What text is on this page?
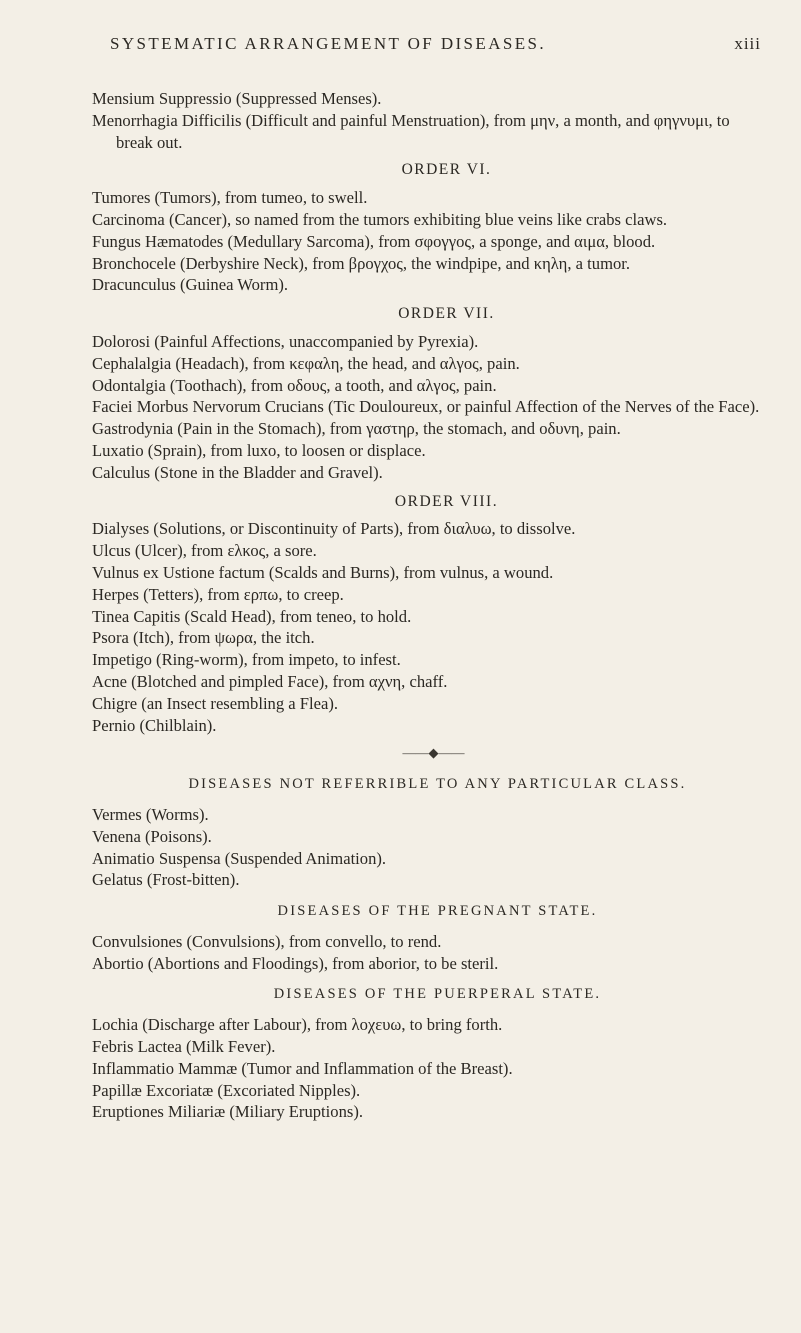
SYSTEMATIC ARRANGEMENT OF DISEASES.	xiii

Mensium Suppressio (Suppressed Menses).

Menorrhagia Difficilis (Difficult and painful Menstruation), from μην, a month, and φηγνυμι, to break out.

ORDER VI.

Tumores (Tumors), from tumeo, to swell.

Carcinoma (Cancer), so named from the tumors exhibiting blue veins like crabs claws.

Fungus Hæmatodes (Medullary Sarcoma), from σφογγος, a sponge, and αιμα, blood.

Bronchocele (Derbyshire Neck), from βρογχος, the windpipe, and κηλη, a tumor.

Dracunculus (Guinea Worm).

ORDER VII.

Dolorosi (Painful Affections, unaccompanied by Pyrexia).

Cephalalgia (Headach), from κεφαλη, the head, and αλγος, pain.

Odontalgia (Toothach), from οδους, a tooth, and αλγος, pain.

Faciei Morbus Nervorum Crucians (Tic Douloureux, or painful Affection of the Nerves of the Face).

Gastrodynia (Pain in the Stomach), from γαστηρ, the stomach, and οδυνη, pain.

Luxatio (Sprain), from luxo, to loosen or displace.

Calculus (Stone in the Bladder and Gravel).

ORDER VIII.

Dialyses (Solutions, or Discontinuity of Parts), from διαλυω, to dissolve.

Ulcus (Ulcer), from ελκος, a sore.

Vulnus ex Ustione factum (Scalds and Burns), from vulnus, a wound.

Herpes (Tetters), from ερπω, to creep.

Tinea Capitis (Scald Head), from teneo, to hold.

Psora (Itch), from ψωρα, the itch.

Impetigo (Ring-worm), from impeto, to infest.

Acne (Blotched and pimpled Face), from αχνη, chaff.

Chigre (an Insect resembling a Flea).

Pernio (Chilblain).

——◆——
DISEASES NOT REFERRIBLE TO ANY PARTICULAR CLASS.

Vermes (Worms).

Venena (Poisons).

Animatio Suspensa (Suspended Animation).

Gelatus (Frost-bitten).

DISEASES OF THE PREGNANT STATE.

Convulsiones (Convulsions), from convello, to rend.

Abortio (Abortions and Floodings), from aborior, to be steril.

DISEASES OF THE PUERPERAL STATE.

Lochia (Discharge after Labour), from λοχευω, to bring forth.

Febris Lactea (Milk Fever).

Inflammatio Mammæ (Tumor and Inflammation of the Breast).

Papillæ Excoriatæ (Excoriated Nipples).

Eruptiones Miliariæ (Miliary Eruptions).
